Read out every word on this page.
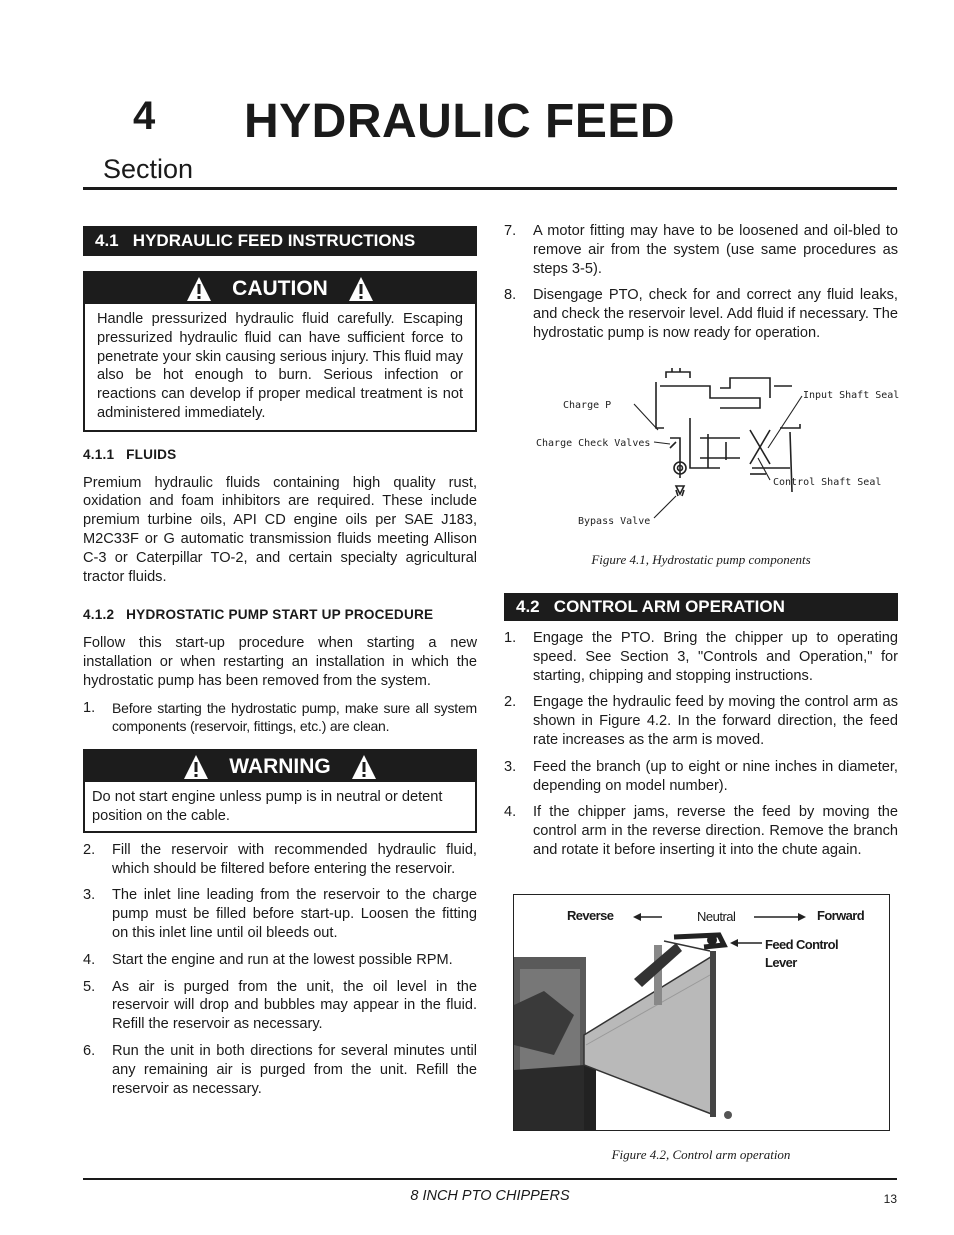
4 HYDRAULIC FEED
Section
4.1   HYDRAULIC FEED INSTRUCTIONS
CAUTION
Handle pressurized hydraulic fluid carefully. Escaping pressurized hydraulic fluid can have sufficient force to penetrate your skin causing serious injury. This fluid may also be hot enough to burn. Serious infection or reactions can develop if proper medical treatment is not administered immediately.
4.1.1   FLUIDS

Premium hydraulic fluids containing high quality rust, oxidation and foam inhibitors are required. These include premium turbine oils, API CD engine oils per SAE J183, M2C33F or G automatic transmission fluids meeting Allison C-3 or Caterpillar TO-2, and certain specialty agricultural tractor fluids.

4.1.2   HYDROSTATIC PUMP START UP PROCEDURE

Follow this start-up procedure when starting a new installation or when restarting an installation in which the hydrostatic pump has been removed from the system.

1.	Before starting the hydrostatic pump, make sure all system components (reservoir, fittings, etc.) are clean.
WARNING
Do not start engine unless pump is in neutral or detent position on the cable.
2.	Fill the reservoir with recommended hydraulic fluid, which should be filtered before entering the reservoir.
3.	The inlet line leading from the reservoir to the charge pump must be filled before start-up. Loosen the fitting on this inlet line until oil bleeds out.
4.	Start the engine and run at the lowest possible RPM.
5.	As air is purged from the unit, the oil level in the reservoir will drop and bubbles may appear in the fluid. Refill the reservoir as necessary.
6.	Run the unit in both directions for several minutes until any remaining air is purged from the unit. Refill the reservoir as necessary.
7.	A motor fitting may have to be loosened and oil-bled to remove air from the system (use same procedures as steps 3-5).
8.	Disengage PTO, check for and correct any fluid leaks, and check the reservoir level. Add fluid if necessary. The hydrostatic pump is now ready for operation.
Charge P
Charge Check Valves
Bypass Valve
Input Shaft Seal
Control Shaft Seal
Figure 4.1, Hydrostatic pump components
4.2   CONTROL ARM OPERATION
1.	Engage the PTO. Bring the chipper up to operating speed. See Section 3, "Controls and Operation," for starting, chipping and stopping instructions.
2.	Engage the hydraulic feed by moving the control arm as shown in Figure 4.2. In the forward direction, the feed rate increases as the arm is moved.
3.	Feed the branch (up to eight or nine inches in diameter, depending on model number).
4.	If the chipper jams, reverse the feed by moving the control arm in the reverse direction. Remove the branch and rotate it before inserting it into the chute again.
Reverse	Neutral	Forward
Feed Control
Lever
Figure 4.2, Control arm operation
8 INCH PTO CHIPPERS	13
